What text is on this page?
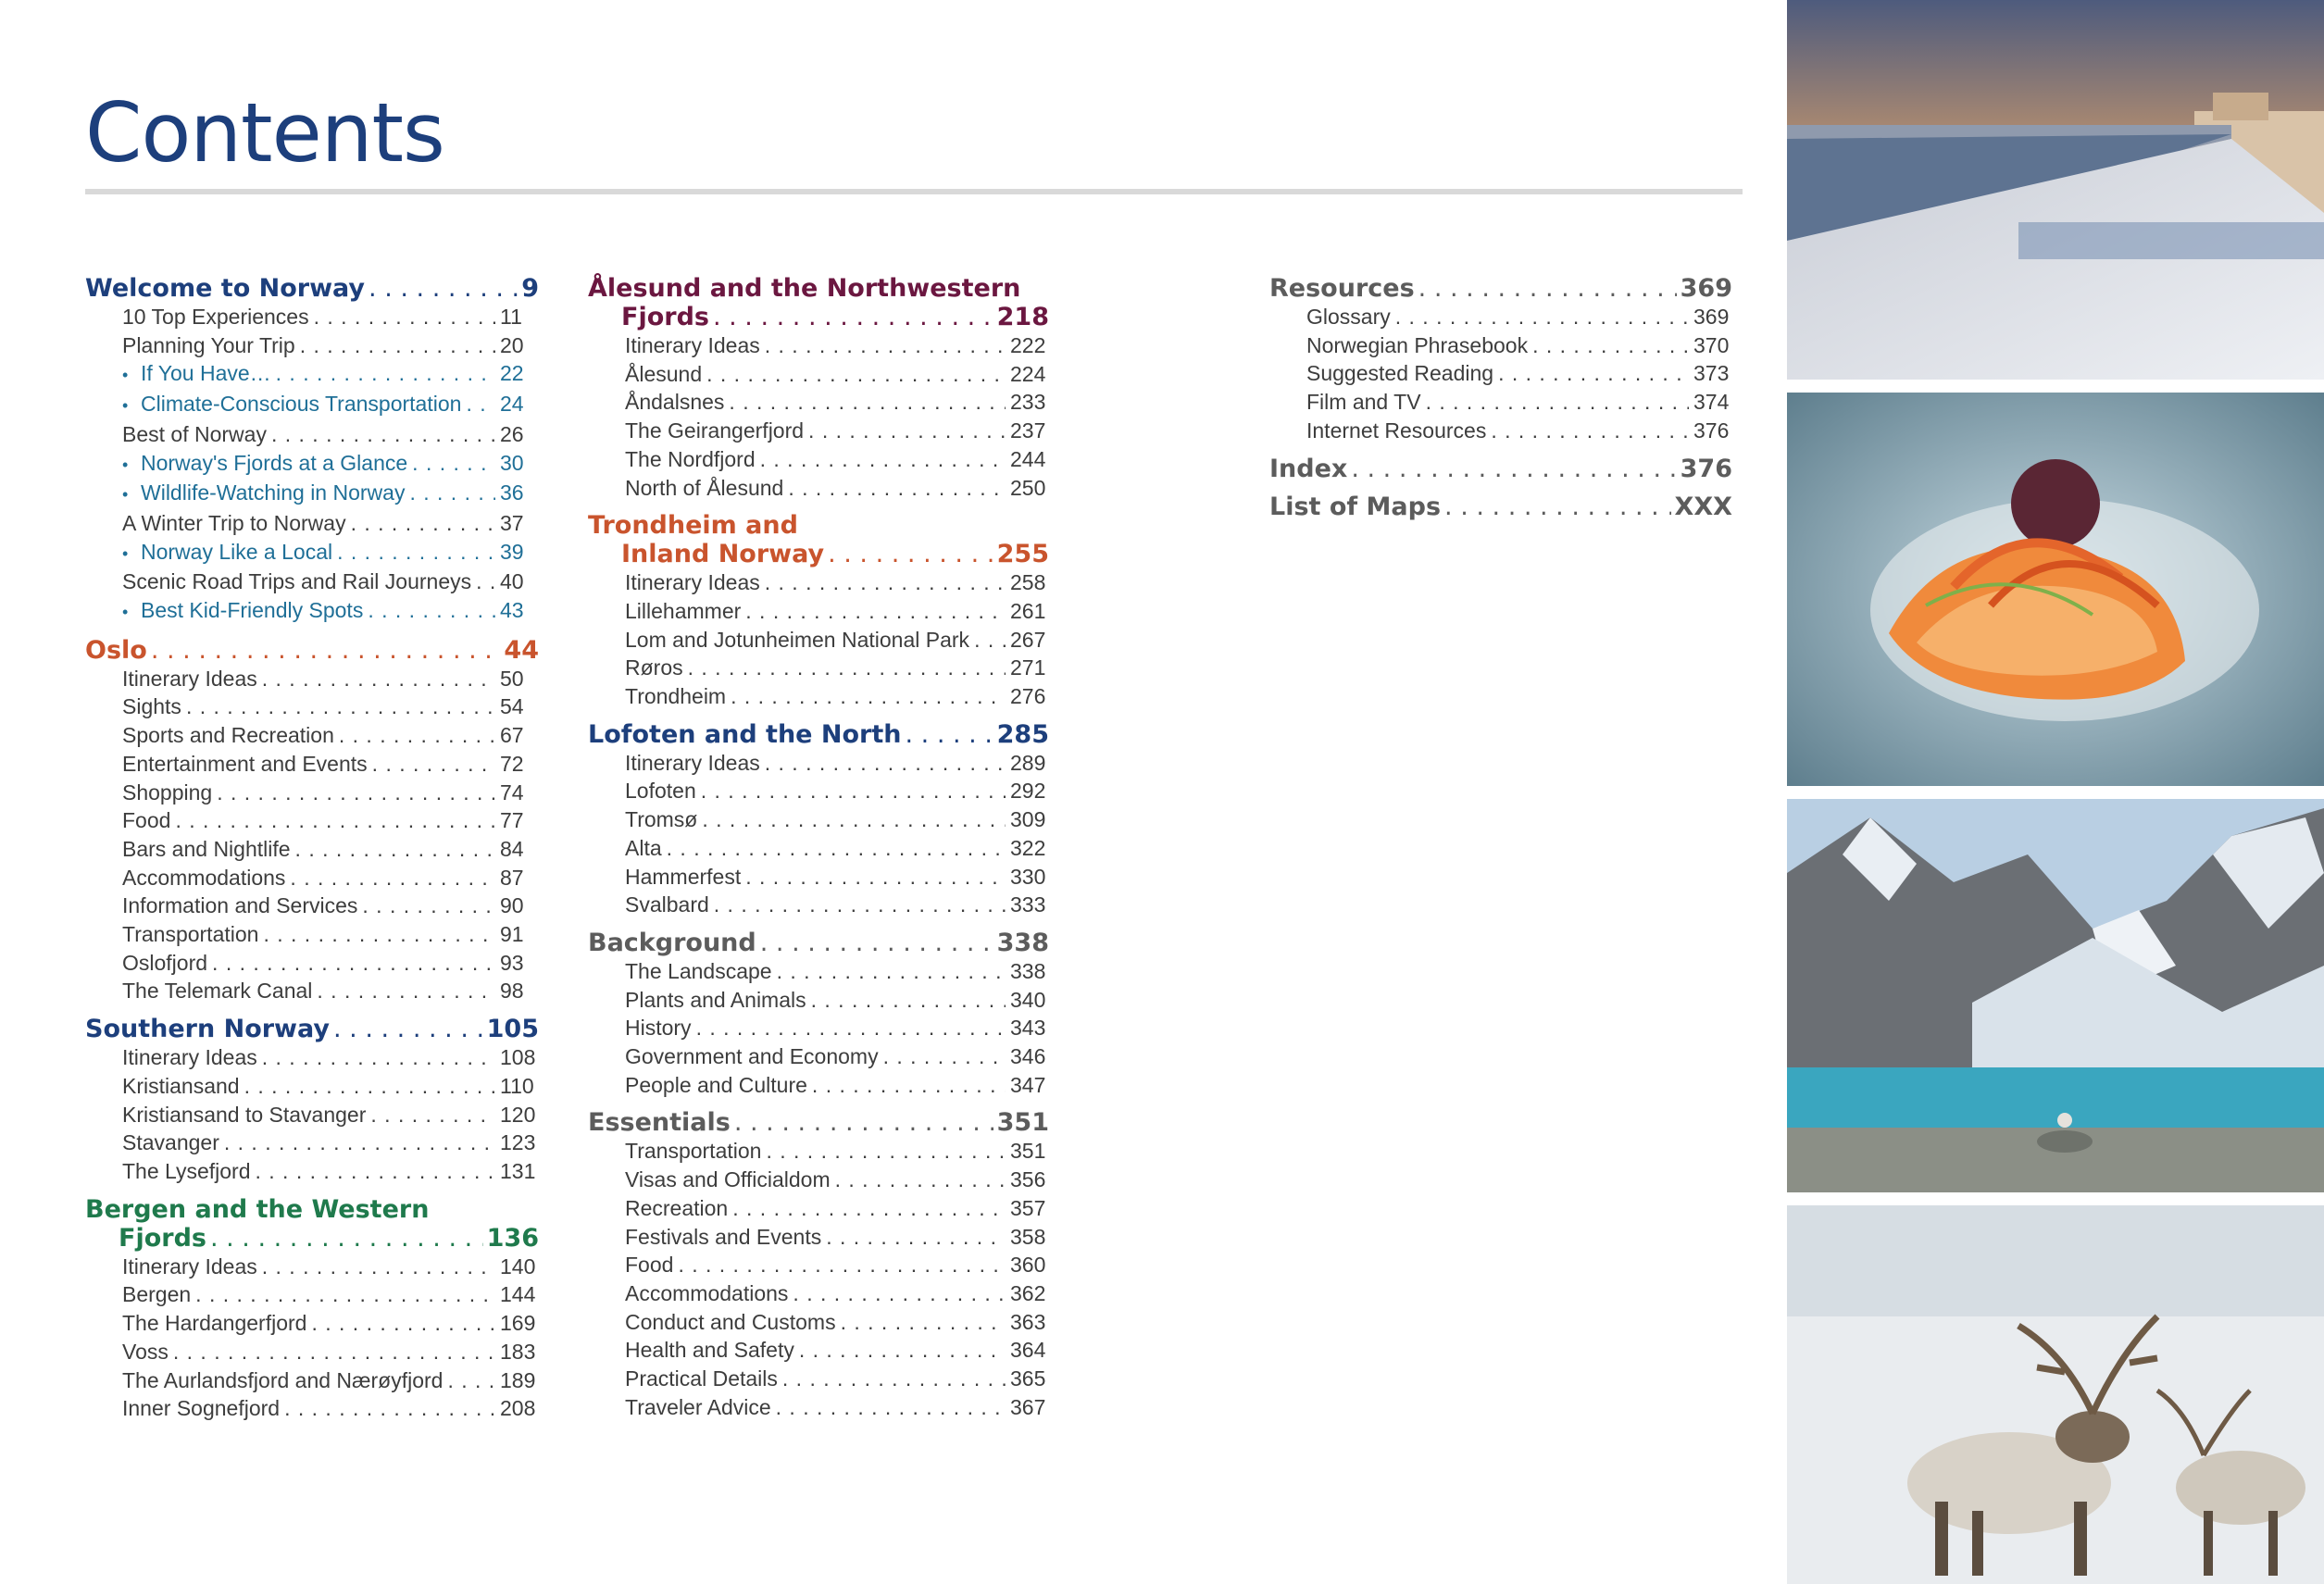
Contents
Welcome to Norway . . .	9
10 Top Experiences . . .	11
Planning Your Trip . . .	20
• If You Have… . . .	22
• Climate-Conscious Transportation . . . 24
Best of Norway . . .	26
• Norway's Fjords at a Glance . . .	30
• Wildlife-Watching in Norway . . .	36
A Winter Trip to Norway . . .	37
• Norway Like a Local . . .	39
Scenic Road Trips and Rail Journeys . . . 40
• Best Kid-Friendly Spots . . .	43
Oslo . . .	44
Itinerary Ideas . . .	50
Sights . . .	54
Sports and Recreation . . .	67
Entertainment and Events . . .	72
Shopping . . .	74
Food . . .	77
Bars and Nightlife . . .	84
Accommodations . . .	87
Information and Services . . .	90
Transportation . . .	91
Oslofjord . . .	93
The Telemark Canal . . .	98
Southern Norway . . .	105
Itinerary Ideas . . .	108
Kristiansand . . .	110
Kristiansand to Stavanger . . .	120
Stavanger . . .	123
The Lysefjord . . .	131
Bergen and the Western
Fjords . . .	136
Itinerary Ideas . . .	140
Bergen . . .	144
The Hardangerfjord . . .	169
Voss . . .	183
The Aurlandsfjord and Nærøyfjord . . .	189
Inner Sognefjord . . .	208
Ålesund and the Northwestern
Fjords . . .	218
Itinerary Ideas . . .	222
Ålesund . . .	224
Åndalsnes . . .	233
The Geirangerfjord . . .	237
The Nordfjord . . .	244
North of Ålesund . . .	250
Trondheim and
Inland Norway . . .	255
Itinerary Ideas . . .	258
Lillehammer . . .	261
Lom and Jotunheimen National Park . . . 267
Røros . . .	271
Trondheim . . .	276
Lofoten and the North . . .	285
Itinerary Ideas . . .	289
Lofoten . . .	292
Tromsø . . .	309
Alta . . .	322
Hammerfest . . .	330
Svalbard . . .	333
Background . . .	338
The Landscape . . .	338
Plants and Animals . . .	340
History . . .	343
Government and Economy . . .	346
People and Culture . . .	347
Essentials . . .	351
Transportation . . .	351
Visas and Officialdom . . .	356
Recreation . . .	357
Festivals and Events . . .	358
Food . . .	360
Accommodations . . .	362
Conduct and Customs . . .	363
Health and Safety . . .	364
Practical Details . . .	365
Traveler Advice . . .	367
Resources . . .	369
Glossary . . .	369
Norwegian Phrasebook . . .	370
Suggested Reading . . .	373
Film and TV . . .	374
Internet Resources . . .	376
Index . . .	376
List of Maps . . .	XXX
